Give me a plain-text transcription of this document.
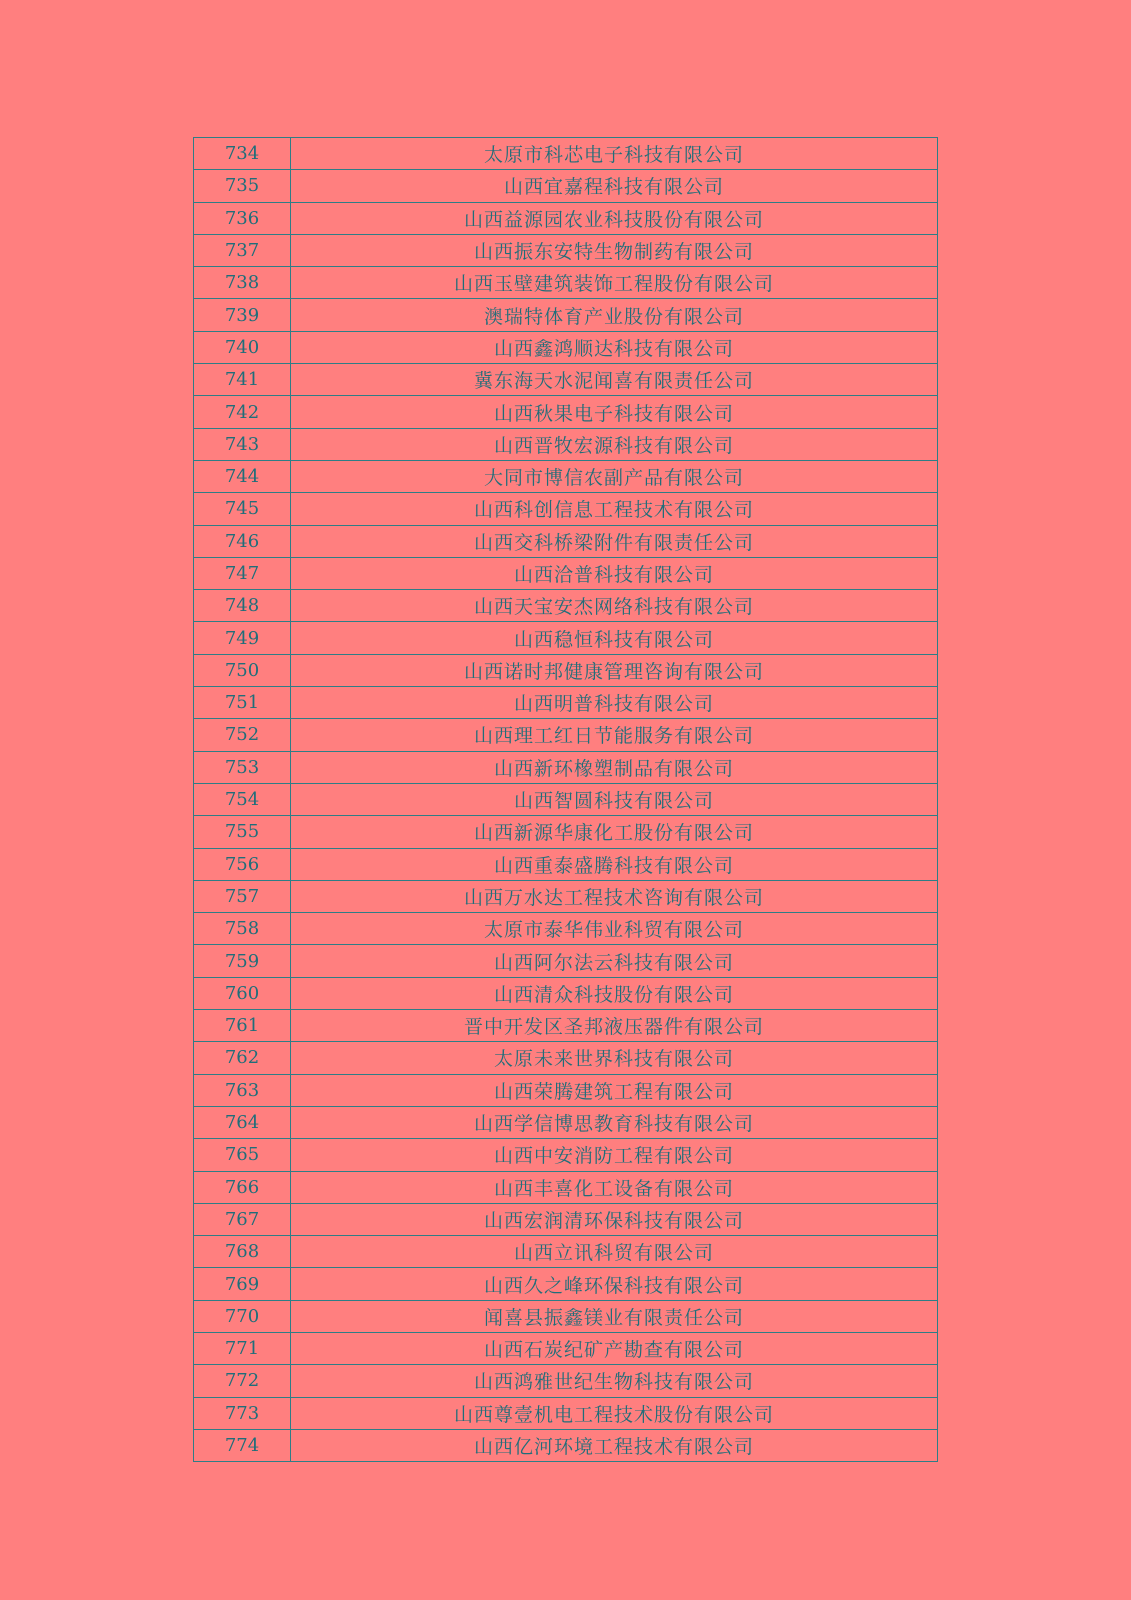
734	太原市科芯电子科技有限公司
735	山西宜嘉程科技有限公司
736	山西益源园农业科技股份有限公司
737	山西振东安特生物制药有限公司
738	山西玉壁建筑装饰工程股份有限公司
739	澳瑞特体育产业股份有限公司
740	山西鑫鸿顺达科技有限公司
741	冀东海天水泥闻喜有限责任公司
742	山西秋果电子科技有限公司
743	山西晋牧宏源科技有限公司
744	大同市博信农副产品有限公司
745	山西科创信息工程技术有限公司
746	山西交科桥梁附件有限责任公司
747	山西洽普科技有限公司
748	山西天宝安杰网络科技有限公司
749	山西稳恒科技有限公司
750	山西诺时邦健康管理咨询有限公司
751	山西明普科技有限公司
752	山西理工红日节能服务有限公司
753	山西新环橡塑制品有限公司
754	山西智圆科技有限公司
755	山西新源华康化工股份有限公司
756	山西重泰盛腾科技有限公司
757	山西万水达工程技术咨询有限公司
758	太原市泰华伟业科贸有限公司
759	山西阿尔法云科技有限公司
760	山西清众科技股份有限公司
761	晋中开发区圣邦液压器件有限公司
762	太原未来世界科技有限公司
763	山西荣腾建筑工程有限公司
764	山西学信博思教育科技有限公司
765	山西中安消防工程有限公司
766	山西丰喜化工设备有限公司
767	山西宏润清环保科技有限公司
768	山西立讯科贸有限公司
769	山西久之峰环保科技有限公司
770	闻喜县振鑫镁业有限责任公司
771	山西石炭纪矿产勘查有限公司
772	山西鸿雅世纪生物科技有限公司
773	山西尊壹机电工程技术股份有限公司
774	山西亿河环境工程技术有限公司
